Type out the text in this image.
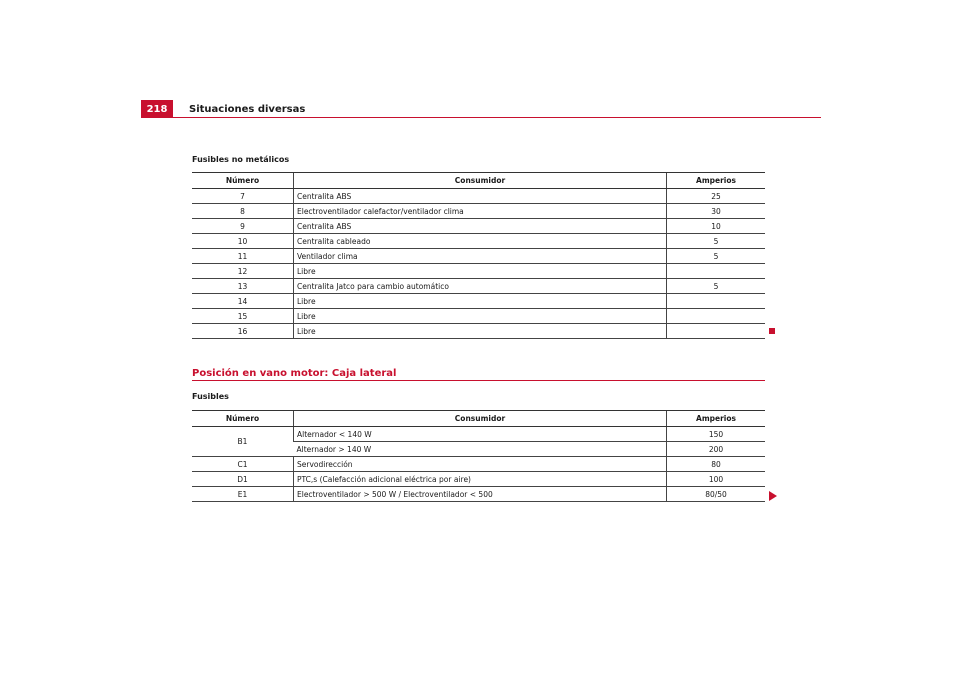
218	Situaciones diversas
Fusibles no metálicos
Número	Consumidor	Amperios
7	Centralita ABS	25
8	Electroventilador calefactor/ventilador clima	30
9	Centralita ABS	10
10	Centralita cableado	5
11	Ventilador clima	5
12	Libre	
13	Centralita Jatco para cambio automático	5
14	Libre	
15	Libre	
16	Libre	
Posición en vano motor: Caja lateral
Fusibles
Número	Consumidor	Amperios
B1	Alternador < 140 W	150
	Alternador > 140 W	200
C1	Servodirección	80
D1	PTC,s (Calefacción adicional eléctrica por aire)	100
E1	Electroventilador > 500 W / Electroventilador < 500	80/50
